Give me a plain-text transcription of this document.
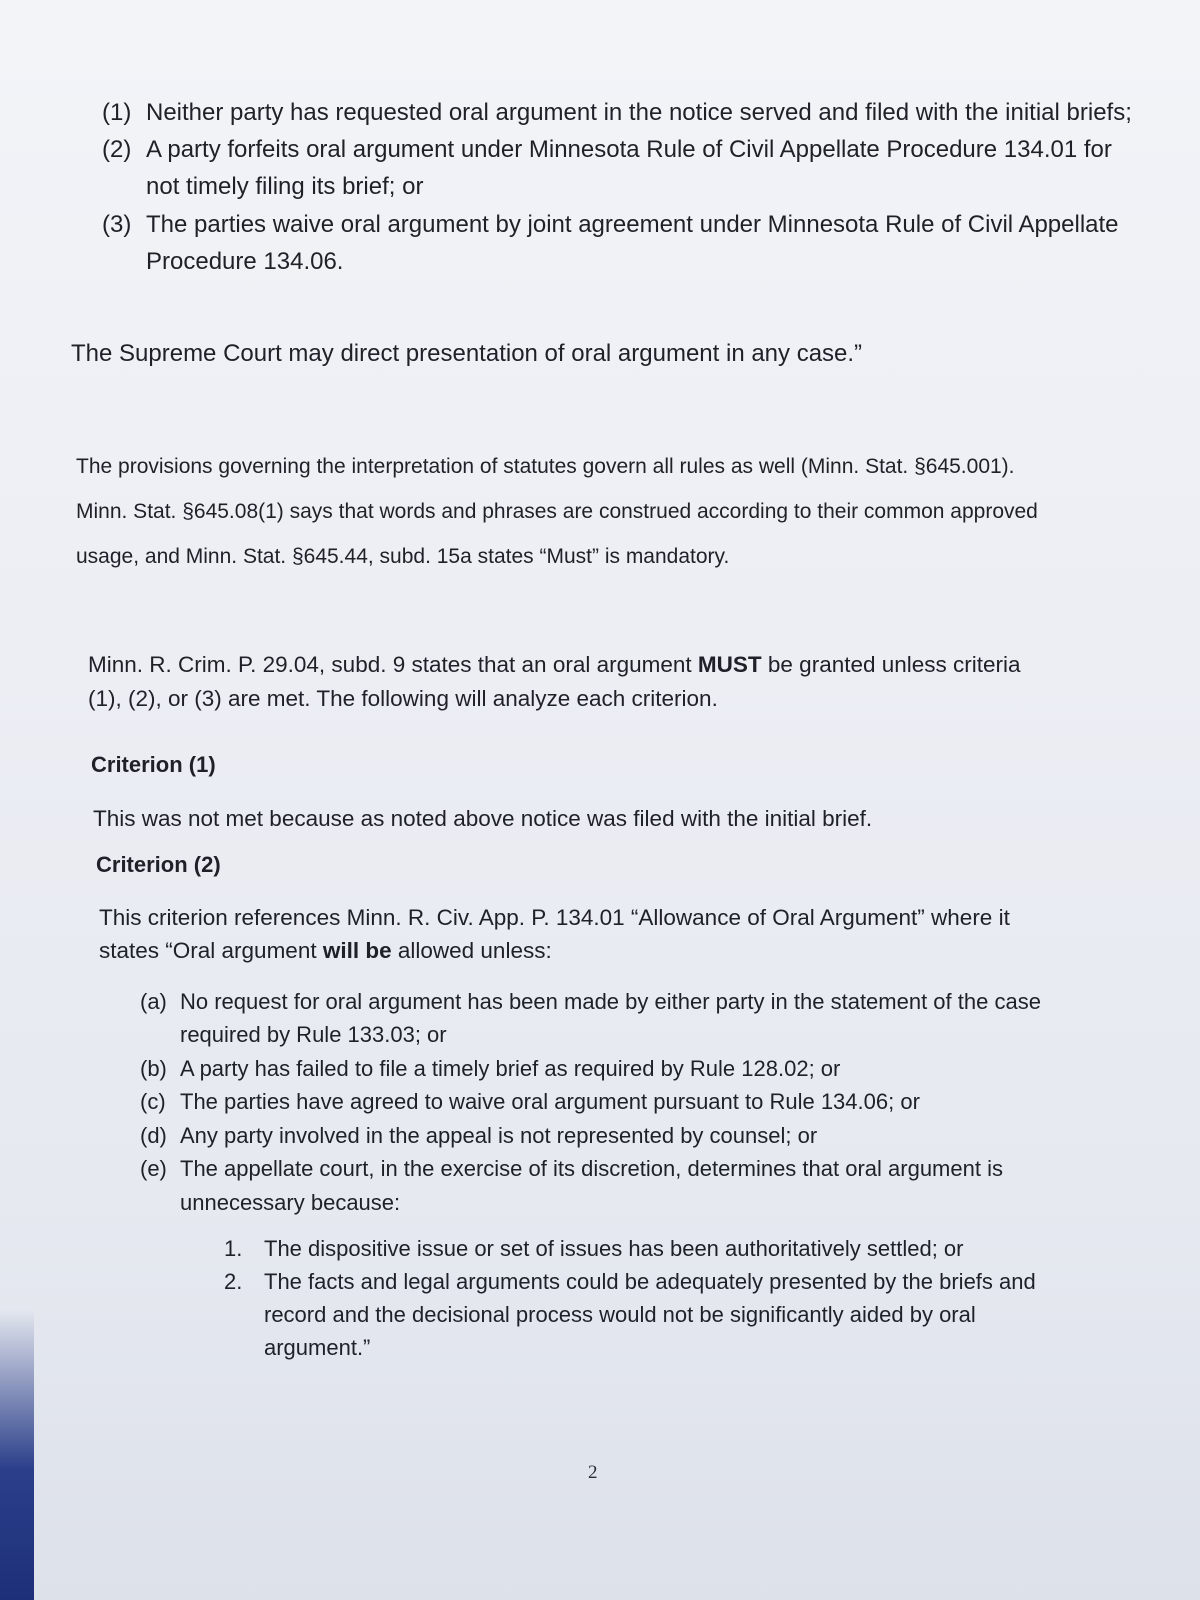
(1) Neither party has requested oral argument in the notice served and filed with the initial briefs;
(2) A party forfeits oral argument under Minnesota Rule of Civil Appellate Procedure 134.01 for not timely filing its brief; or
(3) The parties waive oral argument by joint agreement under Minnesota Rule of Civil Appellate Procedure 134.06.
The Supreme Court may direct presentation of oral argument in any case.”

The provisions governing the interpretation of statutes govern all rules as well (Minn. Stat. §645.001).

Minn. Stat. §645.08(1) says that words and phrases are construed according to their common approved

usage, and Minn. Stat. §645.44, subd. 15a states “Must” is mandatory.

Minn. R. Crim. P. 29.04, subd. 9 states that an oral argument MUST be granted unless criteria

(1), (2), or (3) are met. The following will analyze each criterion.

Criterion (1)
This was not met because as noted above notice was filed with the initial brief.
Criterion (2)

This criterion references Minn. R. Civ. App. P. 134.01 “Allowance of Oral Argument” where it

states “Oral argument will be allowed unless:

(a) No request for oral argument has been made by either party in the statement of the case required by Rule 133.03; or
(b) A party has failed to file a timely brief as required by Rule 128.02; or
(c) The parties have agreed to waive oral argument pursuant to Rule 134.06; or
(d) Any party involved in the appeal is not represented by counsel; or
(e) The appellate court, in the exercise of its discretion, determines that oral argument is unnecessary because:
1. The dispositive issue or set of issues has been authoritatively settled; or
2. The facts and legal arguments could be adequately presented by the briefs and record and the decisional process would not be significantly aided by oral argument.”
2
